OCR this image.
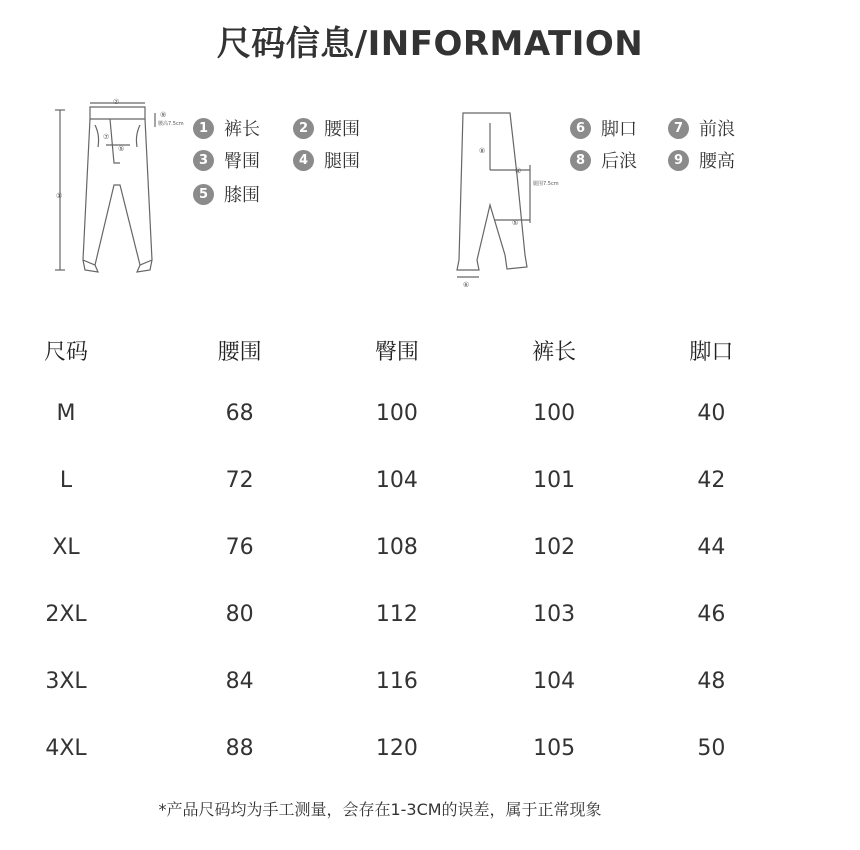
尺码信息/INFORMATION
①
②
⑦
⑤
⑨
腰高7.5cm	1 裤长	2 腰围
3 臀围	4 腿围
5 膝围
⑧
④
⑤
⑥
腿围7.5cm
6 脚口	7 前浪
8 后浪	9 腰高
尺码	腰围	臀围	裤长	脚口
M	68	100	100	40
L	72	104	101	42
XL	76	108	102	44
2XL	80	112	103	46
3XL	84	116	104	48
4XL	88	120	105	50
*产品尺码均为手工测量，会存在1-3CM的误差，属于正常现象
